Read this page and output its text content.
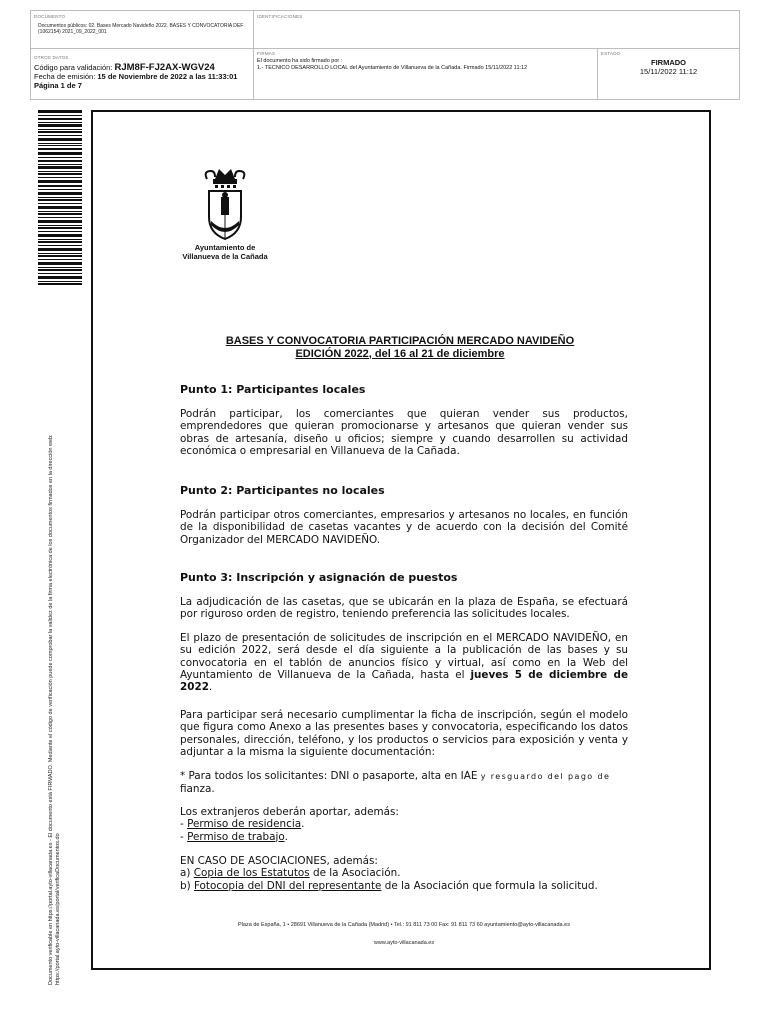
DOCUMENTO
Documentos públicos: 02. Bases Mercado Navideño 2022. BASES Y CONVOCATORIA DEF (1062154) 2021_09_2022_001
IDENTIFICACIONES
OTROS DATOS
Código para validación: RJM8F-FJ2AX-WGV24
Fecha de emisión: 15 de Noviembre de 2022 a las 11:33:01
Página 1 de 7
FIRMAS
El documento ha sido firmado por :
1.- TECNICO DESARROLLO LOCAL del Ayuntamiento de Villanueva de la Cañada. Firmado 15/11/2022 11:12
ESTADO
FIRMADO
15/11/2022 11:12
Documento verificable en https://portal.ayto-villacanada.es - El documento está FIRMADO. Mediante el código de verificación puede comprobar la validez de la firma electrónica de los documentos firmados en la dirección web: https://portal.ayto-villacanada.es/portal/verificaDocumentos.do
Ayuntamiento de
Villanueva de la Cañada
BASES Y CONVOCATORIA PARTICIPACIÓN MERCADO NAVIDEÑO
EDICIÓN 2022, del 16 al 21 de diciembre
Punto 1: Participantes locales
Podrán participar, los comerciantes que quieran vender sus productos, emprendedores que quieran promocionarse y artesanos que quieran vender sus obras de artesanía, diseño u oficios; siempre y cuando desarrollen su actividad económica o empresarial en Villanueva de la Cañada.
Punto 2: Participantes no locales
Podrán participar otros comerciantes, empresarios y artesanos no locales, en función de la disponibilidad de casetas vacantes y de acuerdo con la decisión del Comité Organizador del MERCADO NAVIDEÑO.
Punto 3: Inscripción y asignación de puestos
La adjudicación de las casetas, que se ubicarán en la plaza de España, se efectuará por riguroso orden de registro, teniendo preferencia las solicitudes locales.
El plazo de presentación de solicitudes de inscripción en el MERCADO NAVIDEÑO, en su edición 2022, será desde el día siguiente a la publicación de las bases y su convocatoria en el tablón de anuncios físico y virtual, así como en la Web del Ayuntamiento de Villanueva de la Cañada, hasta el jueves 5 de diciembre de 2022.
Para participar será necesario cumplimentar la ficha de inscripción, según el modelo que figura como Anexo a las presentes bases y convocatoria, especificando los datos personales, dirección, teléfono, y los productos o servicios para exposición y venta y adjuntar a la misma la siguiente documentación:
* Para todos los solicitantes: DNI o pasaporte, alta en IAE y resguardo del pago de
fianza.
Los extranjeros deberán aportar, además:
- Permiso de residencia.
- Permiso de trabajo.
EN CASO DE ASOCIACIONES, además:
a) Copia de los Estatutos de la Asociación.
b) Fotocopia del DNI del representante de la Asociación que formula la solicitud.
Plaza de España, 1 • 28691 Villanueva de la Cañada (Madrid) • Tel.: 91 811 73 00 Fax: 91 811 73 60 ayuntamiento@ayto-villacanada.es
www.ayto-villacanada.es
